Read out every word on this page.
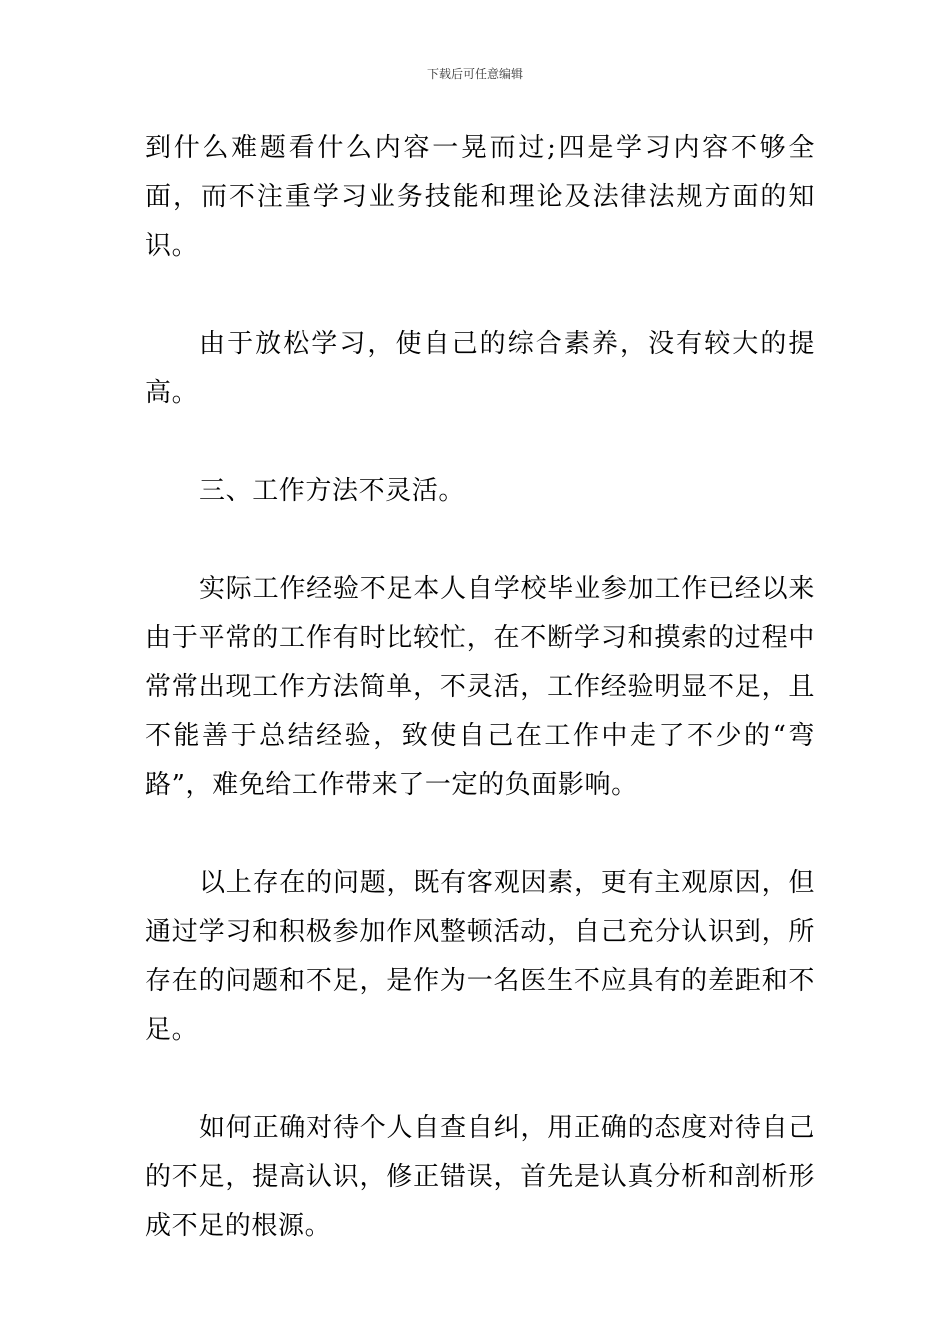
下载后可任意编辑

到什么难题看什么内容一晃而过;四是学习内容不够全面，而不注重学习业务技能和理论及法律法规方面的知识。

由于放松学习，使自己的综合素养，没有较大的提高。

三、工作方法不灵活。

实际工作经验不足本人自学校毕业参加工作已经以来由于平常的工作有时比较忙，在不断学习和摸索的过程中常常出现工作方法简单，不灵活，工作经验明显不足，且不能善于总结经验，致使自己在工作中走了不少的“弯路”，难免给工作带来了一定的负面影响。

以上存在的问题，既有客观因素，更有主观原因，但通过学习和积极参加作风整顿活动，自己充分认识到，所存在的问题和不足，是作为一名医生不应具有的差距和不足。

如何正确对待个人自查自纠，用正确的态度对待自己的不足，提高认识，修正错误，首先是认真分析和剖析形成不足的根源。
